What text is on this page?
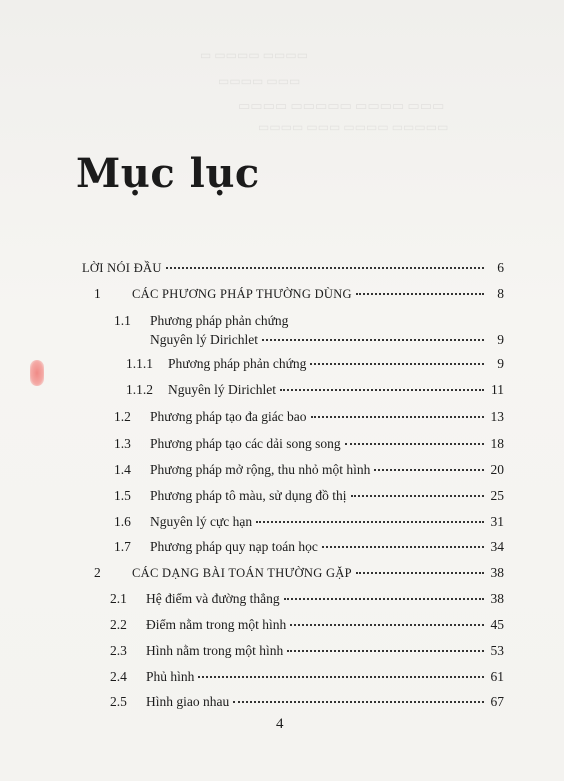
▭ ▭▭▭▭ ▭▭▭▭
▭▭▭▭ ▭▭▭
▭▭▭▭ ▭▭▭▭▭ ▭▭▭▭ ▭▭▭
▭▭▭▭ ▭▭▭ ▭▭▭▭ ▭▭▭▭▭
Mục lục
LỜI NÓI ĐẦU	6
1	CÁC PHƯƠNG PHÁP THƯỜNG DÙNG	8
1.1 Phương pháp phản chứng
Nguyên lý Dirichlet	9
1.1.1 Phương pháp phản chứng	9
1.1.2 Nguyên lý Dirichlet	11
1.2 Phương pháp tạo đa giác bao	13
1.3 Phương pháp tạo các dải song song	18
1.4 Phương pháp mở rộng, thu nhỏ một hình	20
1.5 Phương pháp tô màu, sử dụng đồ thị	25
1.6 Nguyên lý cực hạn	31
1.7 Phương pháp quy nạp toán học	34
2	CÁC DẠNG BÀI TOÁN THƯỜNG GẶP	38
2.1 Hệ điểm và đường thẳng	38
2.2 Điểm nằm trong một hình	45
2.3 Hình nằm trong một hình	53
2.4 Phủ hình	61
2.5 Hình giao nhau	67
4
